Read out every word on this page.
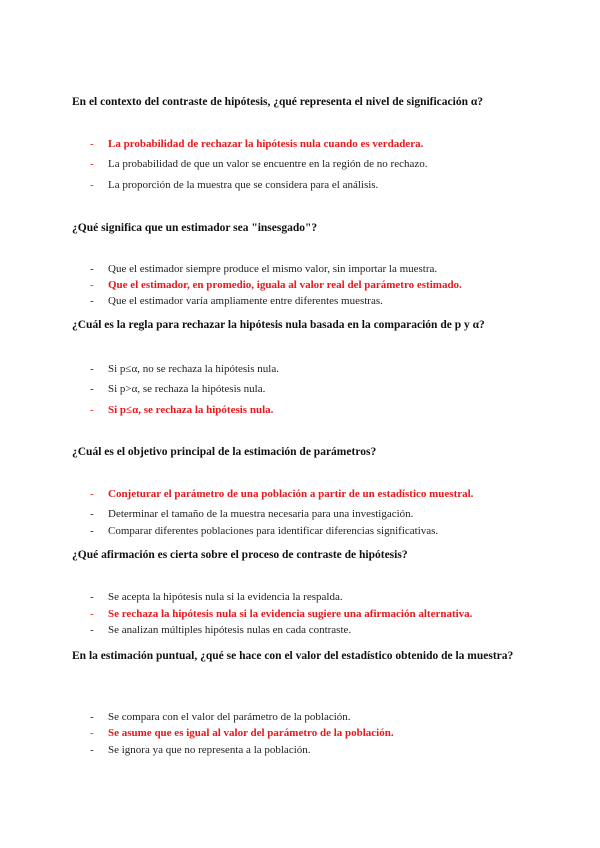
En el contexto del contraste de hipótesis, ¿qué representa el nivel de significación α?
-	La probabilidad de rechazar la hipótesis nula cuando es verdadera.
-	La probabilidad de que un valor se encuentre en la región de no rechazo.
-	La proporción de la muestra que se considera para el análisis.
¿Qué significa que un estimador sea "insesgado"?
-	Que el estimador siempre produce el mismo valor, sin importar la muestra.
-	Que el estimador, en promedio, iguala al valor real del parámetro estimado.
-	Que el estimador varía ampliamente entre diferentes muestras.
¿Cuál es la regla para rechazar la hipótesis nula basada en la comparación de p y α?
-	Si p≤α, no se rechaza la hipótesis nula.
-	Si p>α, se rechaza la hipótesis nula.
-	Si p≤α, se rechaza la hipótesis nula.
¿Cuál es el objetivo principal de la estimación de parámetros?
-	Conjeturar el parámetro de una población a partir de un estadístico muestral.
-	Determinar el tamaño de la muestra necesaria para una investigación.
-	Comparar diferentes poblaciones para identificar diferencias significativas.
¿Qué afirmación es cierta sobre el proceso de contraste de hipótesis?
-	Se acepta la hipótesis nula si la evidencia la respalda.
-	Se rechaza la hipótesis nula si la evidencia sugiere una afirmación alternativa.
-	Se analizan múltiples hipótesis nulas en cada contraste.
En la estimación puntual, ¿qué se hace con el valor del estadístico obtenido de la muestra?
-	Se compara con el valor del parámetro de la población.
-	Se asume que es igual al valor del parámetro de la población.
-	Se ignora ya que no representa a la población.
